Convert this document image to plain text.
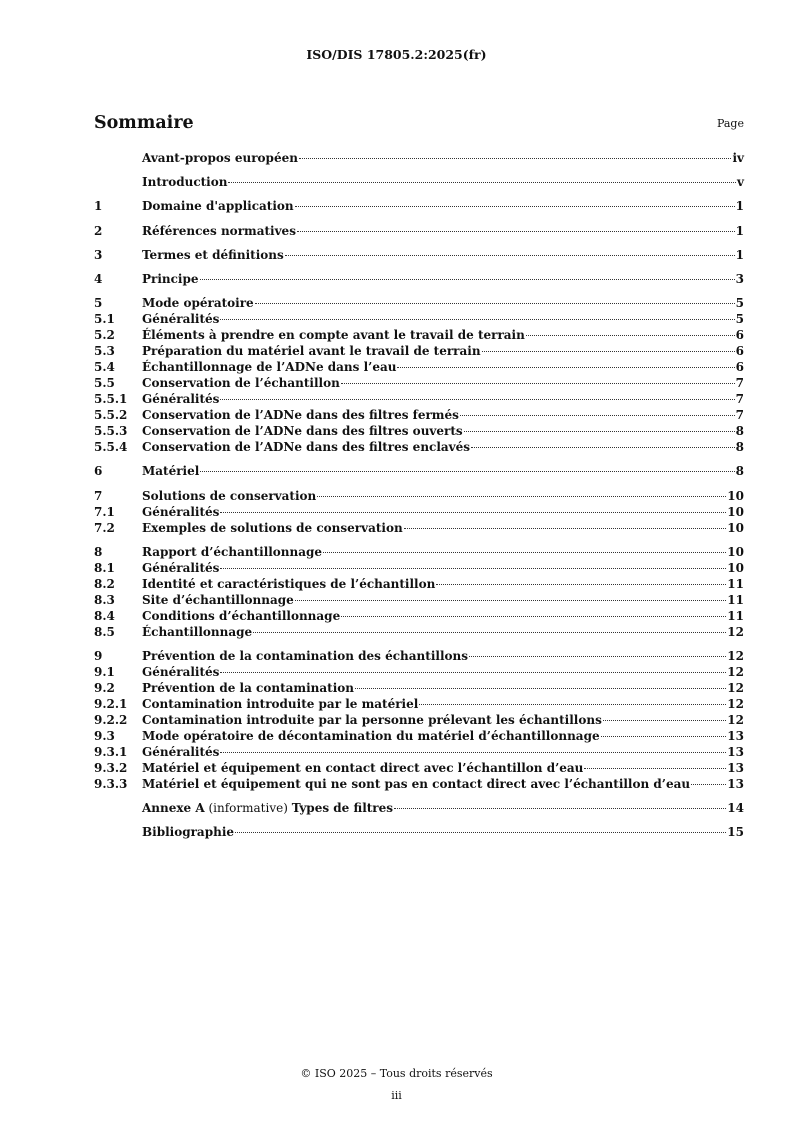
ISO/DIS 17805.2:2025(fr)
Sommaire	Page
Avant-propos européen	iv
Introduction	v
1	Domaine d'application	1
2	Références normatives	1
3	Termes et définitions	1
4	Principe	3
5	Mode opératoire	5
5.1	Généralités	5
5.2	Éléments à prendre en compte avant le travail de terrain	6
5.3	Préparation du matériel avant le travail de terrain	6
5.4	Échantillonnage de l’ADNe dans l’eau	6
5.5	Conservation de l’échantillon	7
5.5.1	Généralités	7
5.5.2	Conservation de l’ADNe dans des filtres fermés	7
5.5.3	Conservation de l’ADNe dans des filtres ouverts	8
5.5.4	Conservation de l’ADNe dans des filtres enclavés	8
6	Matériel	8
7	Solutions de conservation	10
7.1	Généralités	10
7.2	Exemples de solutions de conservation	10
8	Rapport d’échantillonnage	10
8.1	Généralités	10
8.2	Identité et caractéristiques de l’échantillon	11
8.3	Site d’échantillonnage	11
8.4	Conditions d’échantillonnage	11
8.5	Échantillonnage	12
9	Prévention de la contamination des échantillons	12
9.1	Généralités	12
9.2	Prévention de la contamination	12
9.2.1	Contamination introduite par le matériel	12
9.2.2	Contamination introduite par la personne prélevant les échantillons	12
9.3	Mode opératoire de décontamination du matériel d’échantillonnage	13
9.3.1	Généralités	13
9.3.2	Matériel et équipement en contact direct avec l’échantillon d’eau	13
9.3.3	Matériel et équipement qui ne sont pas en contact direct avec l’échantillon d’eau	13
Annexe A (informative) Types de filtres	14
Bibliographie	15
© ISO 2025 – Tous droits réservés
iii
